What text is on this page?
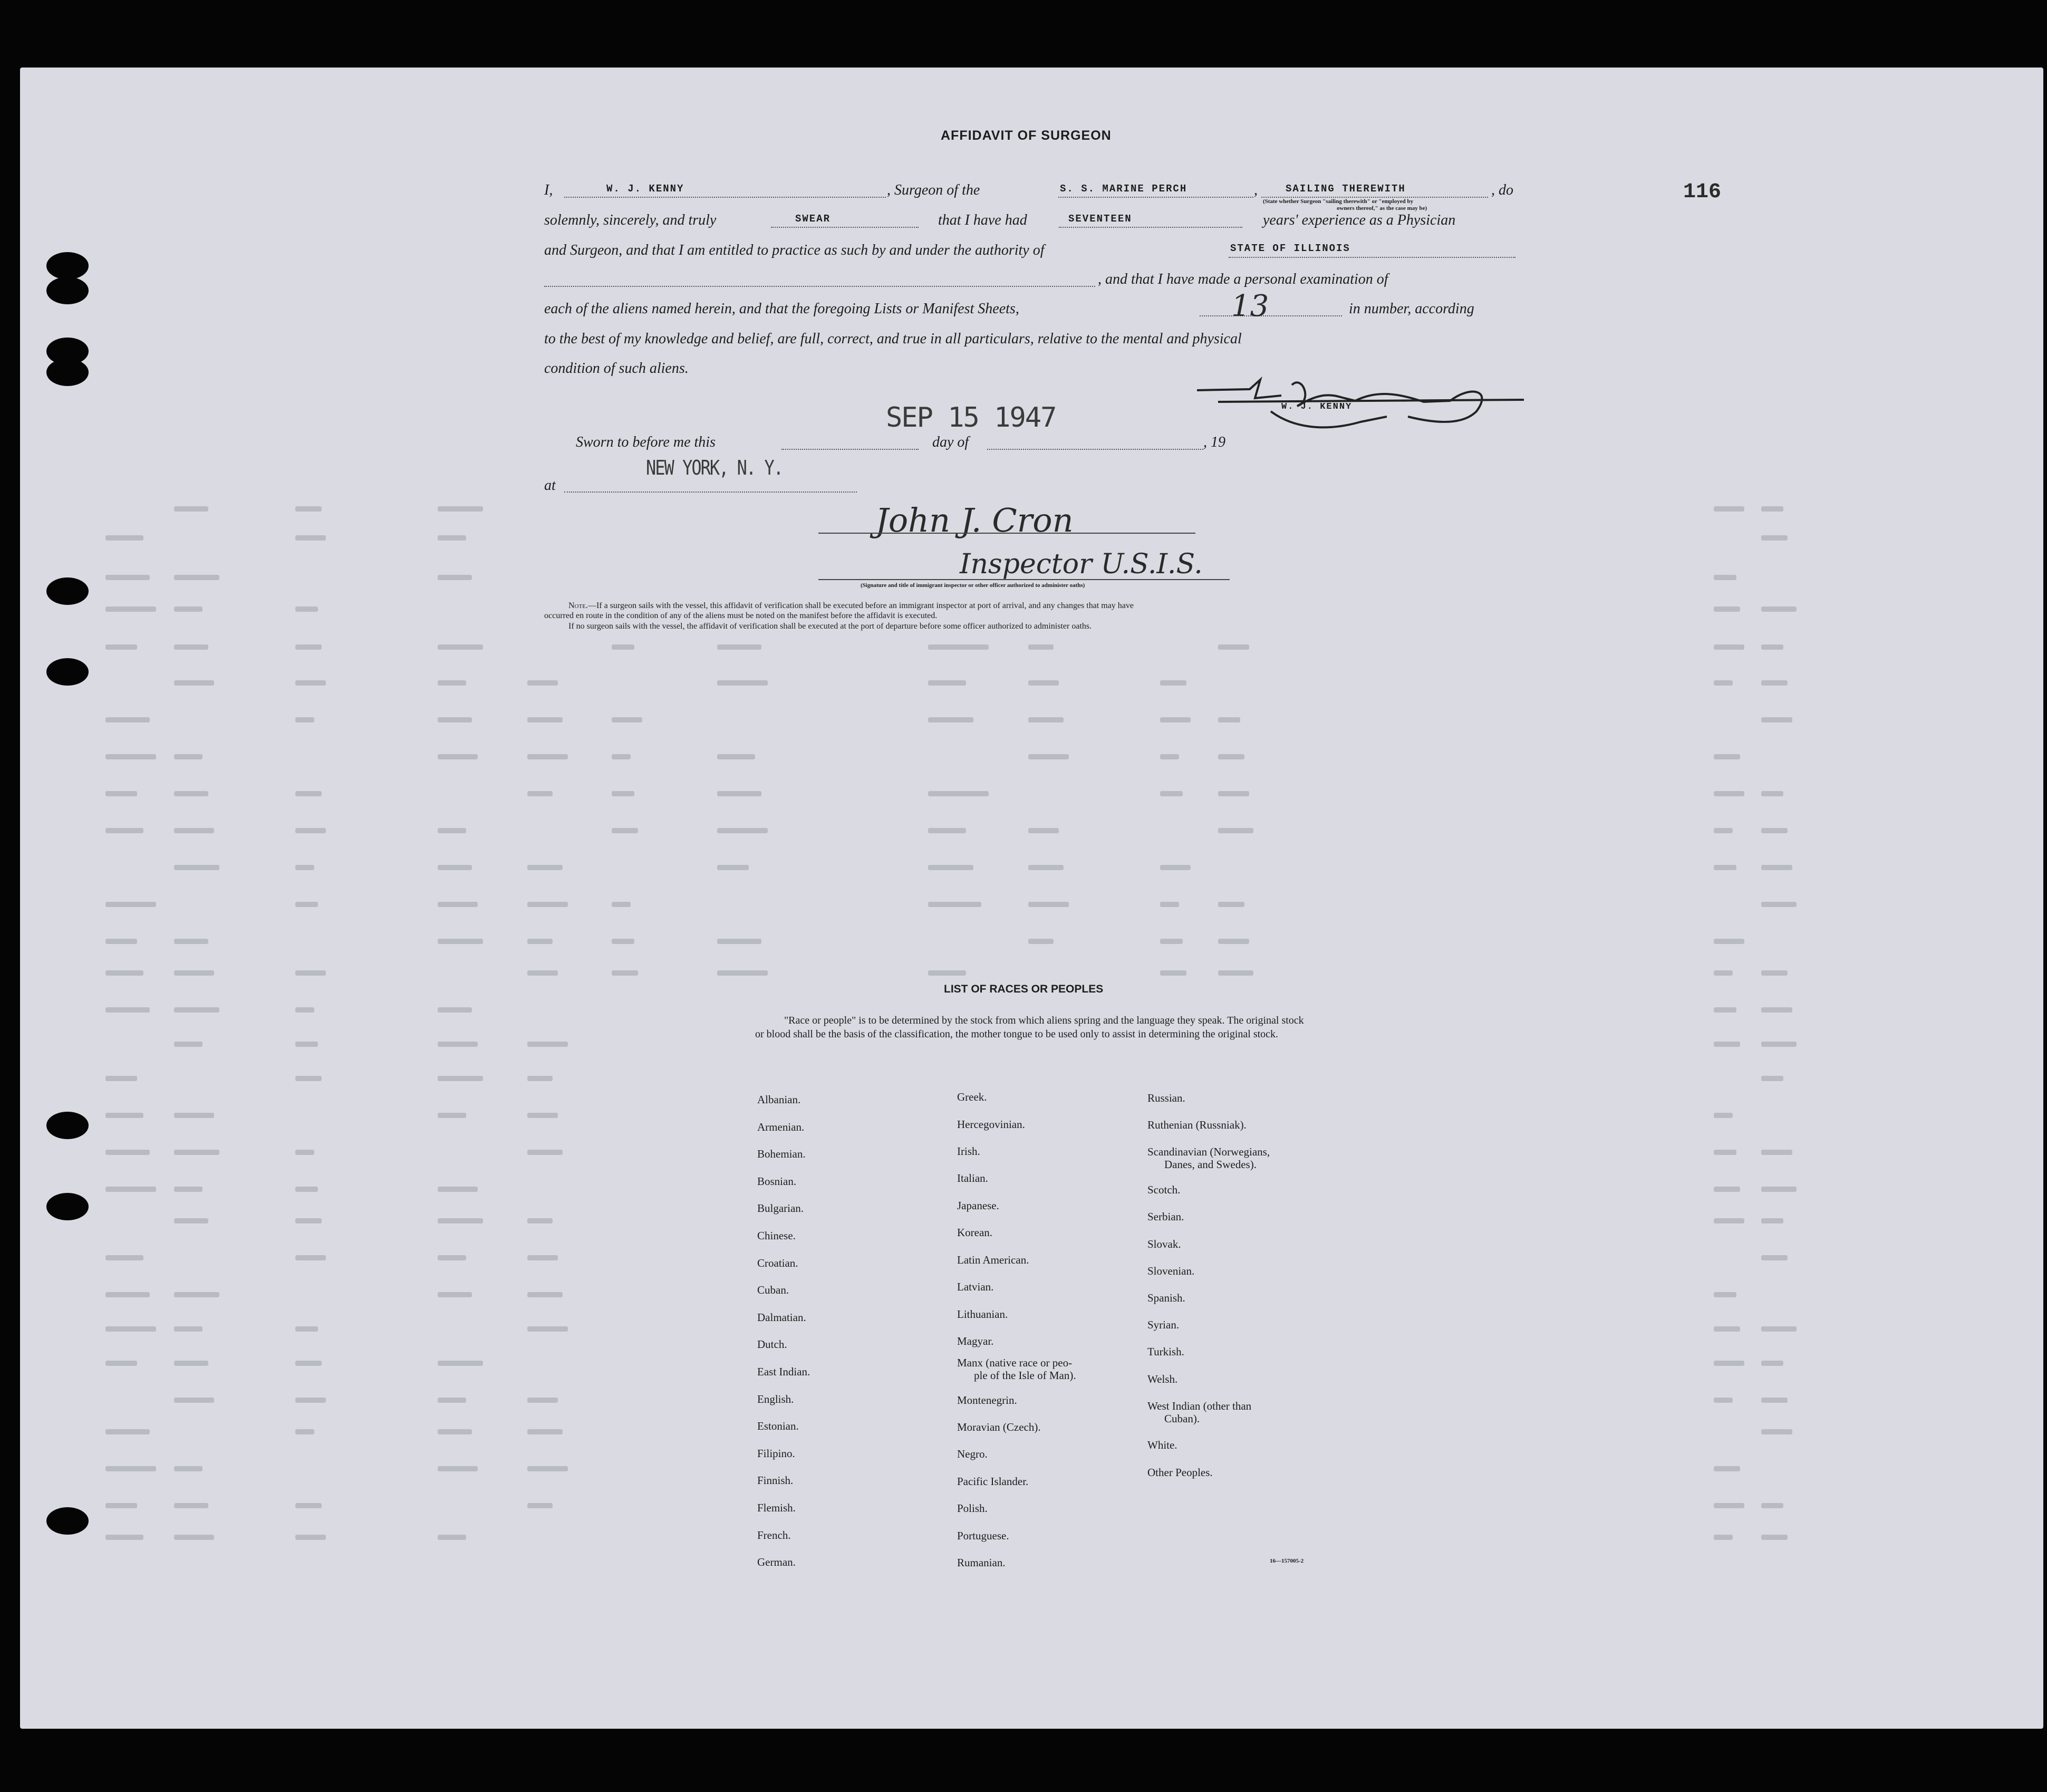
AFFIDAVIT OF SURGEON
116
I,	W. J. KENNY	, Surgeon of the	S. S. MARINE PERCH	,	SAILING THEREWITH
(State whether Surgeon "sailing therewith" or "employed by
owners thereof," as the case may be)
, do
solemnly, sincerely, and truly	SWEAR	that I have had	SEVENTEEN	years' experience as a Physician
and Surgeon, and that I am entitled to practice as such by and under the authority of	STATE OF ILLINOIS
, and that I have made a personal examination of
each of the aliens named herein, and that the foregoing Lists or Manifest Sheets,	13	in number, according
to the best of my knowledge and belief, are full, correct, and true in all particulars, relative to the mental and physical
condition of such aliens.
W. J. KENNY
Sworn to before me this
SEP 15 1947
day of	, 19
at
NEW YORK, N. Y.
John J. Cron
Inspector U.S.I.S.
(Signature and title of immigrant inspector or other officer authorized to administer oaths)
Note.—If a surgeon sails with the vessel, this affidavit of verification shall be executed before an immigrant inspector at port of arrival, and any changes that may have
occurred en route in the condition of any of the aliens must be noted on the manifest before the affidavit is executed.
If no surgeon sails with the vessel, the affidavit of verification shall be executed at the port of departure before some officer authorized to administer oaths.
LIST OF RACES OR PEOPLES
"Race or people" is to be determined by the stock from which aliens spring and the language they speak. The original stock or blood shall be the basis of the classification, the mother tongue to be used only to assist in determining the original stock.
Albanian.
Armenian.
Bohemian.
Bosnian.
Bulgarian.
Chinese.
Croatian.
Cuban.
Dalmatian.
Dutch.
East Indian.
English.
Estonian.
Filipino.
Finnish.
Flemish.
French.
German.
Greek.
Hercegovinian.
Irish.
Italian.
Japanese.
Korean.
Latin American.
Latvian.
Lithuanian.
Magyar.
Manx (native race or peo-
ple of the Isle of Man).
Montenegrin.
Moravian (Czech).
Negro.
Pacific Islander.
Polish.
Portuguese.
Rumanian.
Russian.
Ruthenian (Russniak).
Scandinavian (Norwegians,
Danes, and Swedes).
Scotch.
Serbian.
Slovak.
Slovenian.
Spanish.
Syrian.
Turkish.
Welsh.
West Indian (other than
Cuban).
White.
Other Peoples.
16—157005-2
